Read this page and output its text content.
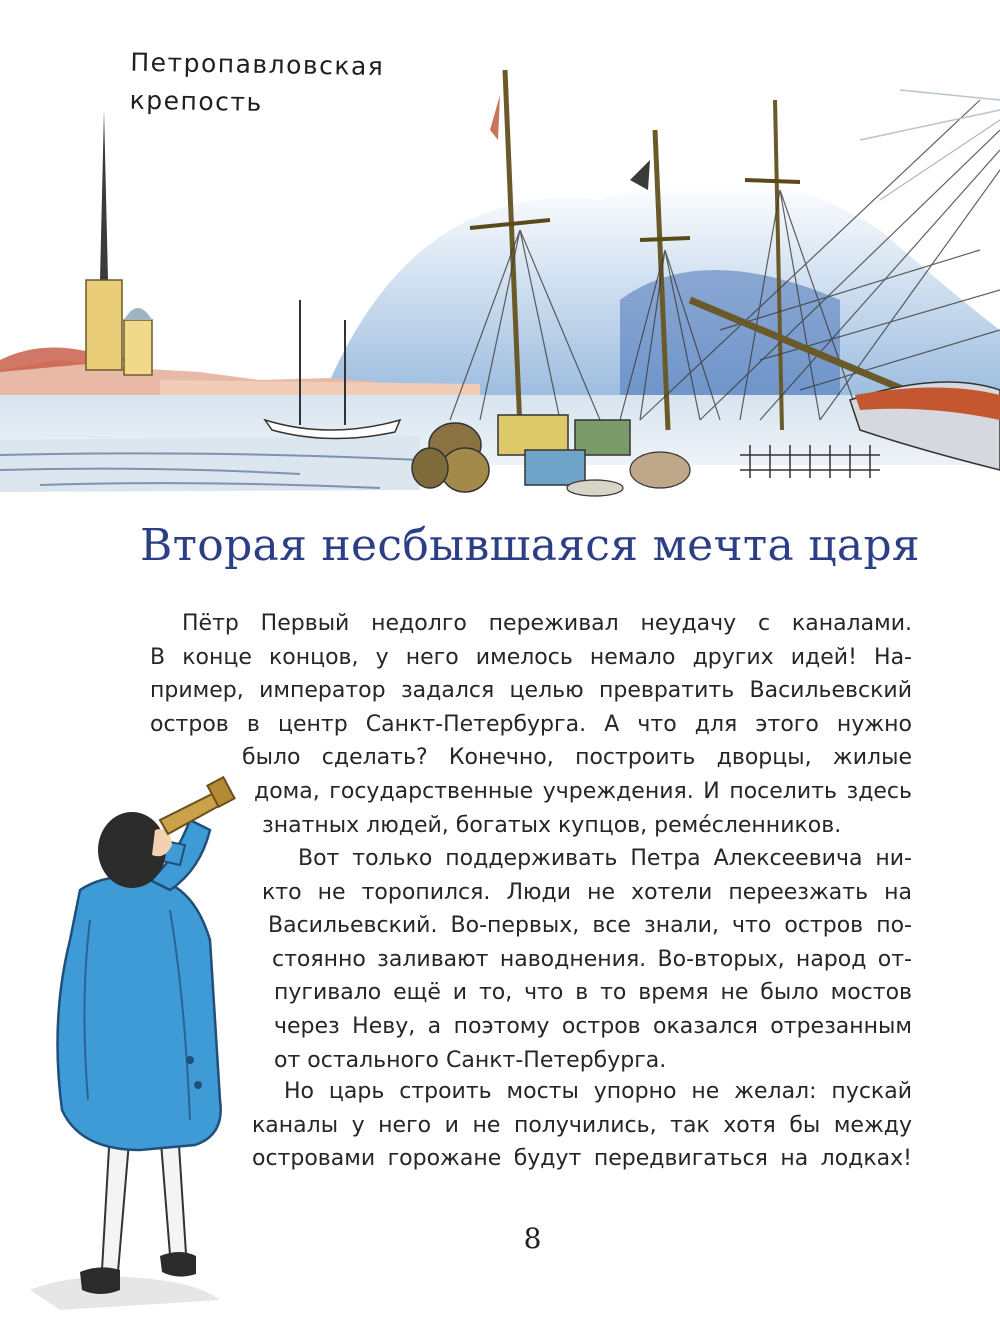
Петропавловская
крепость
Вторая несбывшаяся мечта царя
Пётр Первый недолго переживал неудачу с каналами.
В конце концов, у него имелось немало других идей! На-
пример, император задался целью превратить Васильевский
остров в центр Санкт-Петербурга. А что для этого нужно
было сделать? Конечно, построить дворцы, жилые
дома, государственные учреждения. И поселить здесь
знатных людей, богатых купцов, ремéсленников.
Вот только поддерживать Петра Алексеевича ни-
кто не торопился. Люди не хотели переезжать на
Васильевский. Во-первых, все знали, что остров по-
стоянно заливают наводнения. Во-вторых, народ от-
пугивало ещё и то, что в то время не было мостов
через Неву, а поэтому остров оказался отрезанным
от остального Санкт-Петербурга.
Но царь строить мосты упорно не желал: пускай
каналы у него и не получились, так хотя бы между
островами горожане будут передвигаться на лодках!
8
